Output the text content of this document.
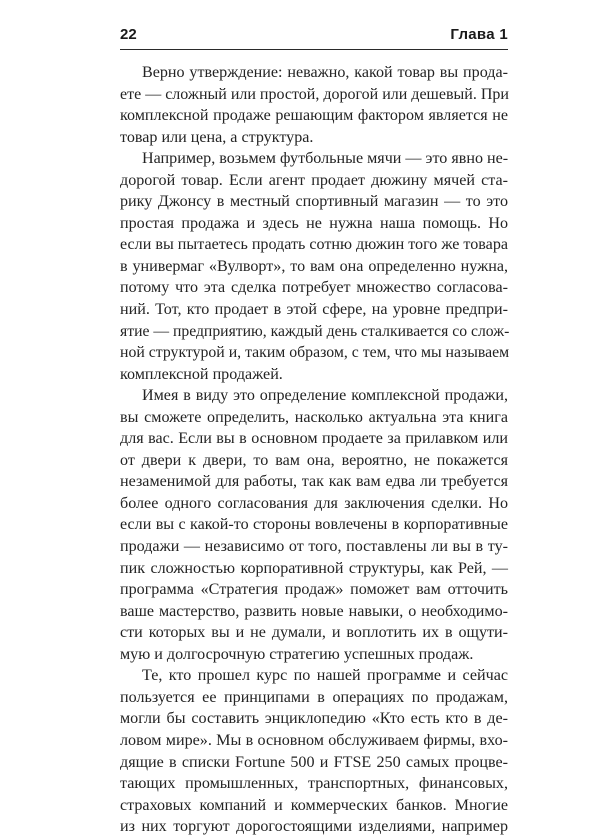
22	Глава 1
Верно утверждение: неважно, какой товар вы прода-
ете — сложный или простой, дорогой или дешевый. При
комплексной продаже решающим фактором является не
товар или цена, а структура.
Например, возьмем футбольные мячи — это явно не-
дорогой товар. Если агент продает дюжину мячей ста-
рику Джонсу в местный спортивный магазин — то это
простая продажа и здесь не нужна наша помощь. Но
если вы пытаетесь продать сотню дюжин того же товара
в универмаг «Вулворт», то вам она определенно нужна,
потому что эта сделка потребует множество согласова-
ний. Тот, кто продает в этой сфере, на уровне предпри-
ятие — предприятию, каждый день сталкивается со слож-
ной структурой и, таким образом, с тем, что мы называем
комплексной продажей.
Имея в виду это определение комплексной продажи,
вы сможете определить, насколько актуальна эта книга
для вас. Если вы в основном продаете за прилавком или
от двери к двери, то вам она, вероятно, не покажется
незаменимой для работы, так как вам едва ли требуется
более одного согласования для заключения сделки. Но
если вы с какой-то стороны вовлечены в корпоративные
продажи — независимо от того, поставлены ли вы в ту-
пик сложностью корпоративной структуры, как Рей, —
программа «Стратегия продаж» поможет вам отточить
ваше мастерство, развить новые навыки, о необходимо-
сти которых вы и не думали, и воплотить их в ощути-
мую и долгосрочную стратегию успешных продаж.
Те, кто прошел курс по нашей программе и сейчас
пользуется ее принципами в операциях по продажам,
могли бы составить энциклопедию «Кто есть кто в де-
ловом мире». Мы в основном обслуживаем фирмы, вхо-
дящие в списки Fortune 500 и FTSE 250 самых процве-
тающих промышленных, транспортных, финансовых,
страховых компаний и коммерческих банков. Многие
из них торгуют дорогостоящими изделиями, например
